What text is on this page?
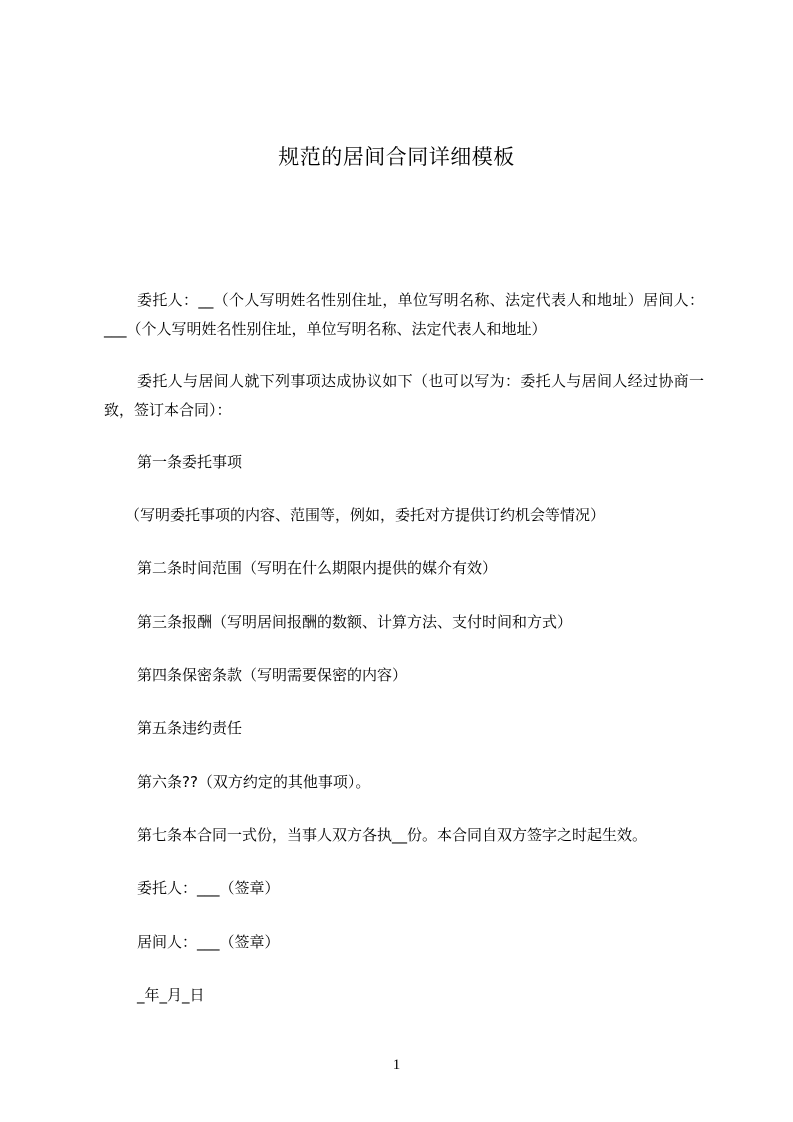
规范的居间合同详细模板
委托人：__（个人写明姓名性别住址，单位写明名称、法定代表人和地址）居间人：___（个人写明姓名性别住址，单位写明名称、法定代表人和地址）
委托人与居间人就下列事项达成协议如下（也可以写为：委托人与居间人经过协商一致，签订本合同）：
第一条委托事项
（写明委托事项的内容、范围等，例如，委托对方提供订约机会等情况）
第二条时间范围（写明在什么期限内提供的媒介有效）
第三条报酬（写明居间报酬的数额、计算方法、支付时间和方式）
第四条保密条款（写明需要保密的内容）
第五条违约责任
第六条??（双方约定的其他事项）。
第七条本合同一式份，当事人双方各执__份。本合同自双方签字之时起生效。
委托人：___（签章）
居间人：___（签章）
_年_月_日
1
